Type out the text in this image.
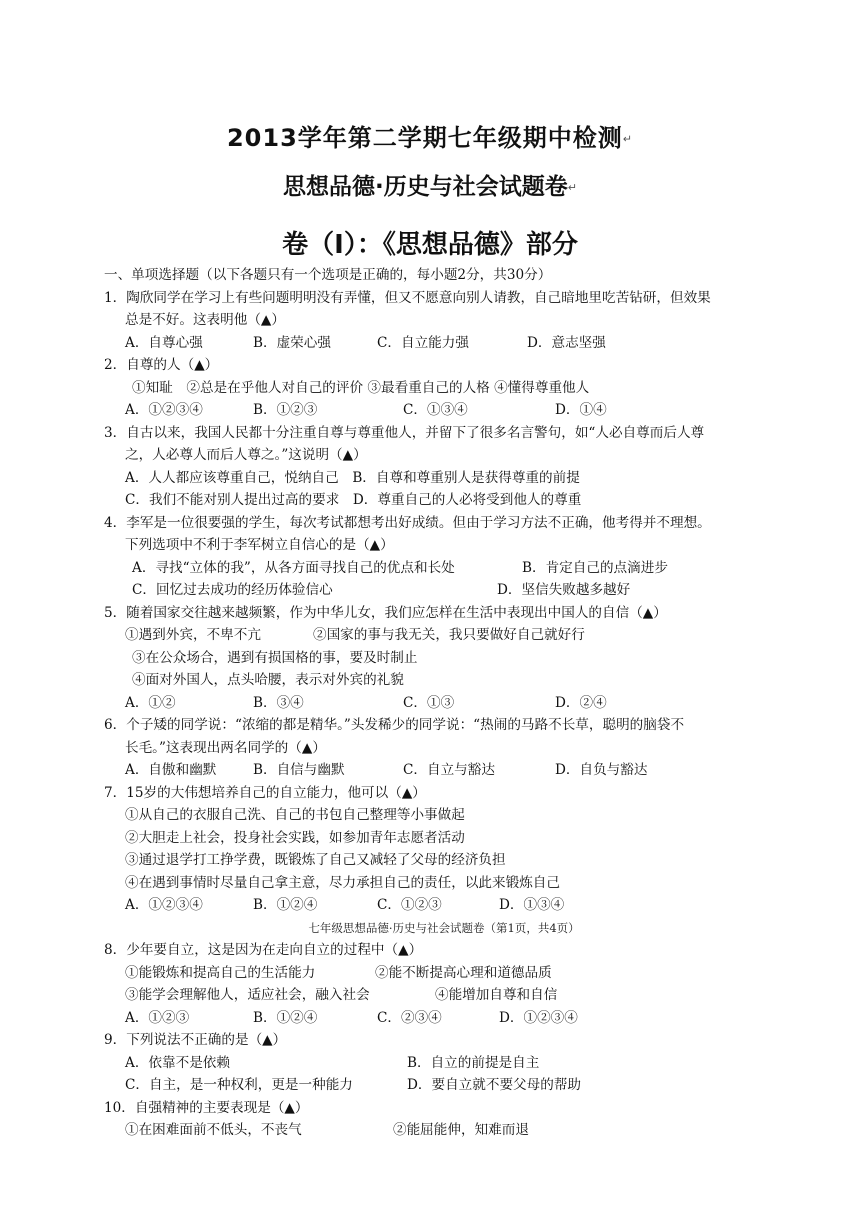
2013学年第二学期七年级期中检测↵
思想品德·历史与社会试题卷↵
卷（Ⅰ）：《思想品德》部分
一、单项选择题（以下各题只有一个选项是正确的，每小题2分，共30分）
1．陶欣同学在学习上有些问题明明没有弄懂，但又不愿意向别人请教，自己暗地里吃苦钻研，但效果
总是不好。这表明他（▲）
A．自尊心强	B．虚荣心强	C．自立能力强	D．意志坚强
2．自尊的人（▲）
①知耻　②总是在乎他人对自己的评价 ③最看重自己的人格 ④懂得尊重他人
A．①②③④	B．①②③	C．①③④	D．①④
3．自古以来，我国人民都十分注重自尊与尊重他人，并留下了很多名言警句，如“人必自尊而后人尊
之，人必尊人而后人尊之。”这说明（▲）
A．人人都应该尊重自己，悦纳自己　B．自尊和尊重别人是获得尊重的前提
C．我们不能对别人提出过高的要求　D．尊重自己的人必将受到他人的尊重
4．李军是一位很要强的学生，每次考试都想考出好成绩。但由于学习方法不正确，他考得并不理想。
下列选项中不利于李军树立自信心的是（▲）
A．寻找“立体的我”，从各方面寻找自己的优点和长处	B．肯定自己的点滴进步
C．回忆过去成功的经历体验信心	D．坚信失败越多越好
5．随着国家交往越来越频繁，作为中华儿女，我们应怎样在生活中表现出中国人的自信（▲）
①遇到外宾，不卑不亢	②国家的事与我无关，我只要做好自己就好行
③在公众场合，遇到有损国格的事，要及时制止
④面对外国人，点头哈腰，表示对外宾的礼貌
A．①②	B．③④	C．①③	D．②④
6．个子矮的同学说：“浓缩的都是精华。”头发稀少的同学说：“热闹的马路不长草，聪明的脑袋不
长毛。”这表现出两名同学的（▲）
A．自傲和幽默	B．自信与幽默	C．自立与豁达	D．自负与豁达
7．15岁的大伟想培养自己的自立能力，他可以（▲）
①从自己的衣服自己洗、自己的书包自己整理等小事做起
②大胆走上社会，投身社会实践，如参加青年志愿者活动
③通过退学打工挣学费，既锻炼了自己又减轻了父母的经济负担
④在遇到事情时尽量自己拿主意，尽力承担自己的责任，以此来锻炼自己
A．①②③④	B．①②④	C．①②③	D．①③④
七年级思想品德·历史与社会试题卷（第1页，共4页）
8．少年要自立，这是因为在走向自立的过程中（▲）
①能锻炼和提高自己的生活能力	②能不断提高心理和道德品质
③能学会理解他人，适应社会，融入社会	④能增加自尊和自信
A．①②③	B．①②④	C．②③④	D．①②③④
9．下列说法不正确的是（▲）
A．依靠不是依赖	B．自立的前提是自主
C．自主，是一种权利，更是一种能力	D．要自立就不要父母的帮助
10．自强精神的主要表现是（▲）
①在困难面前不低头，不丧气	②能屈能伸，知难而退
